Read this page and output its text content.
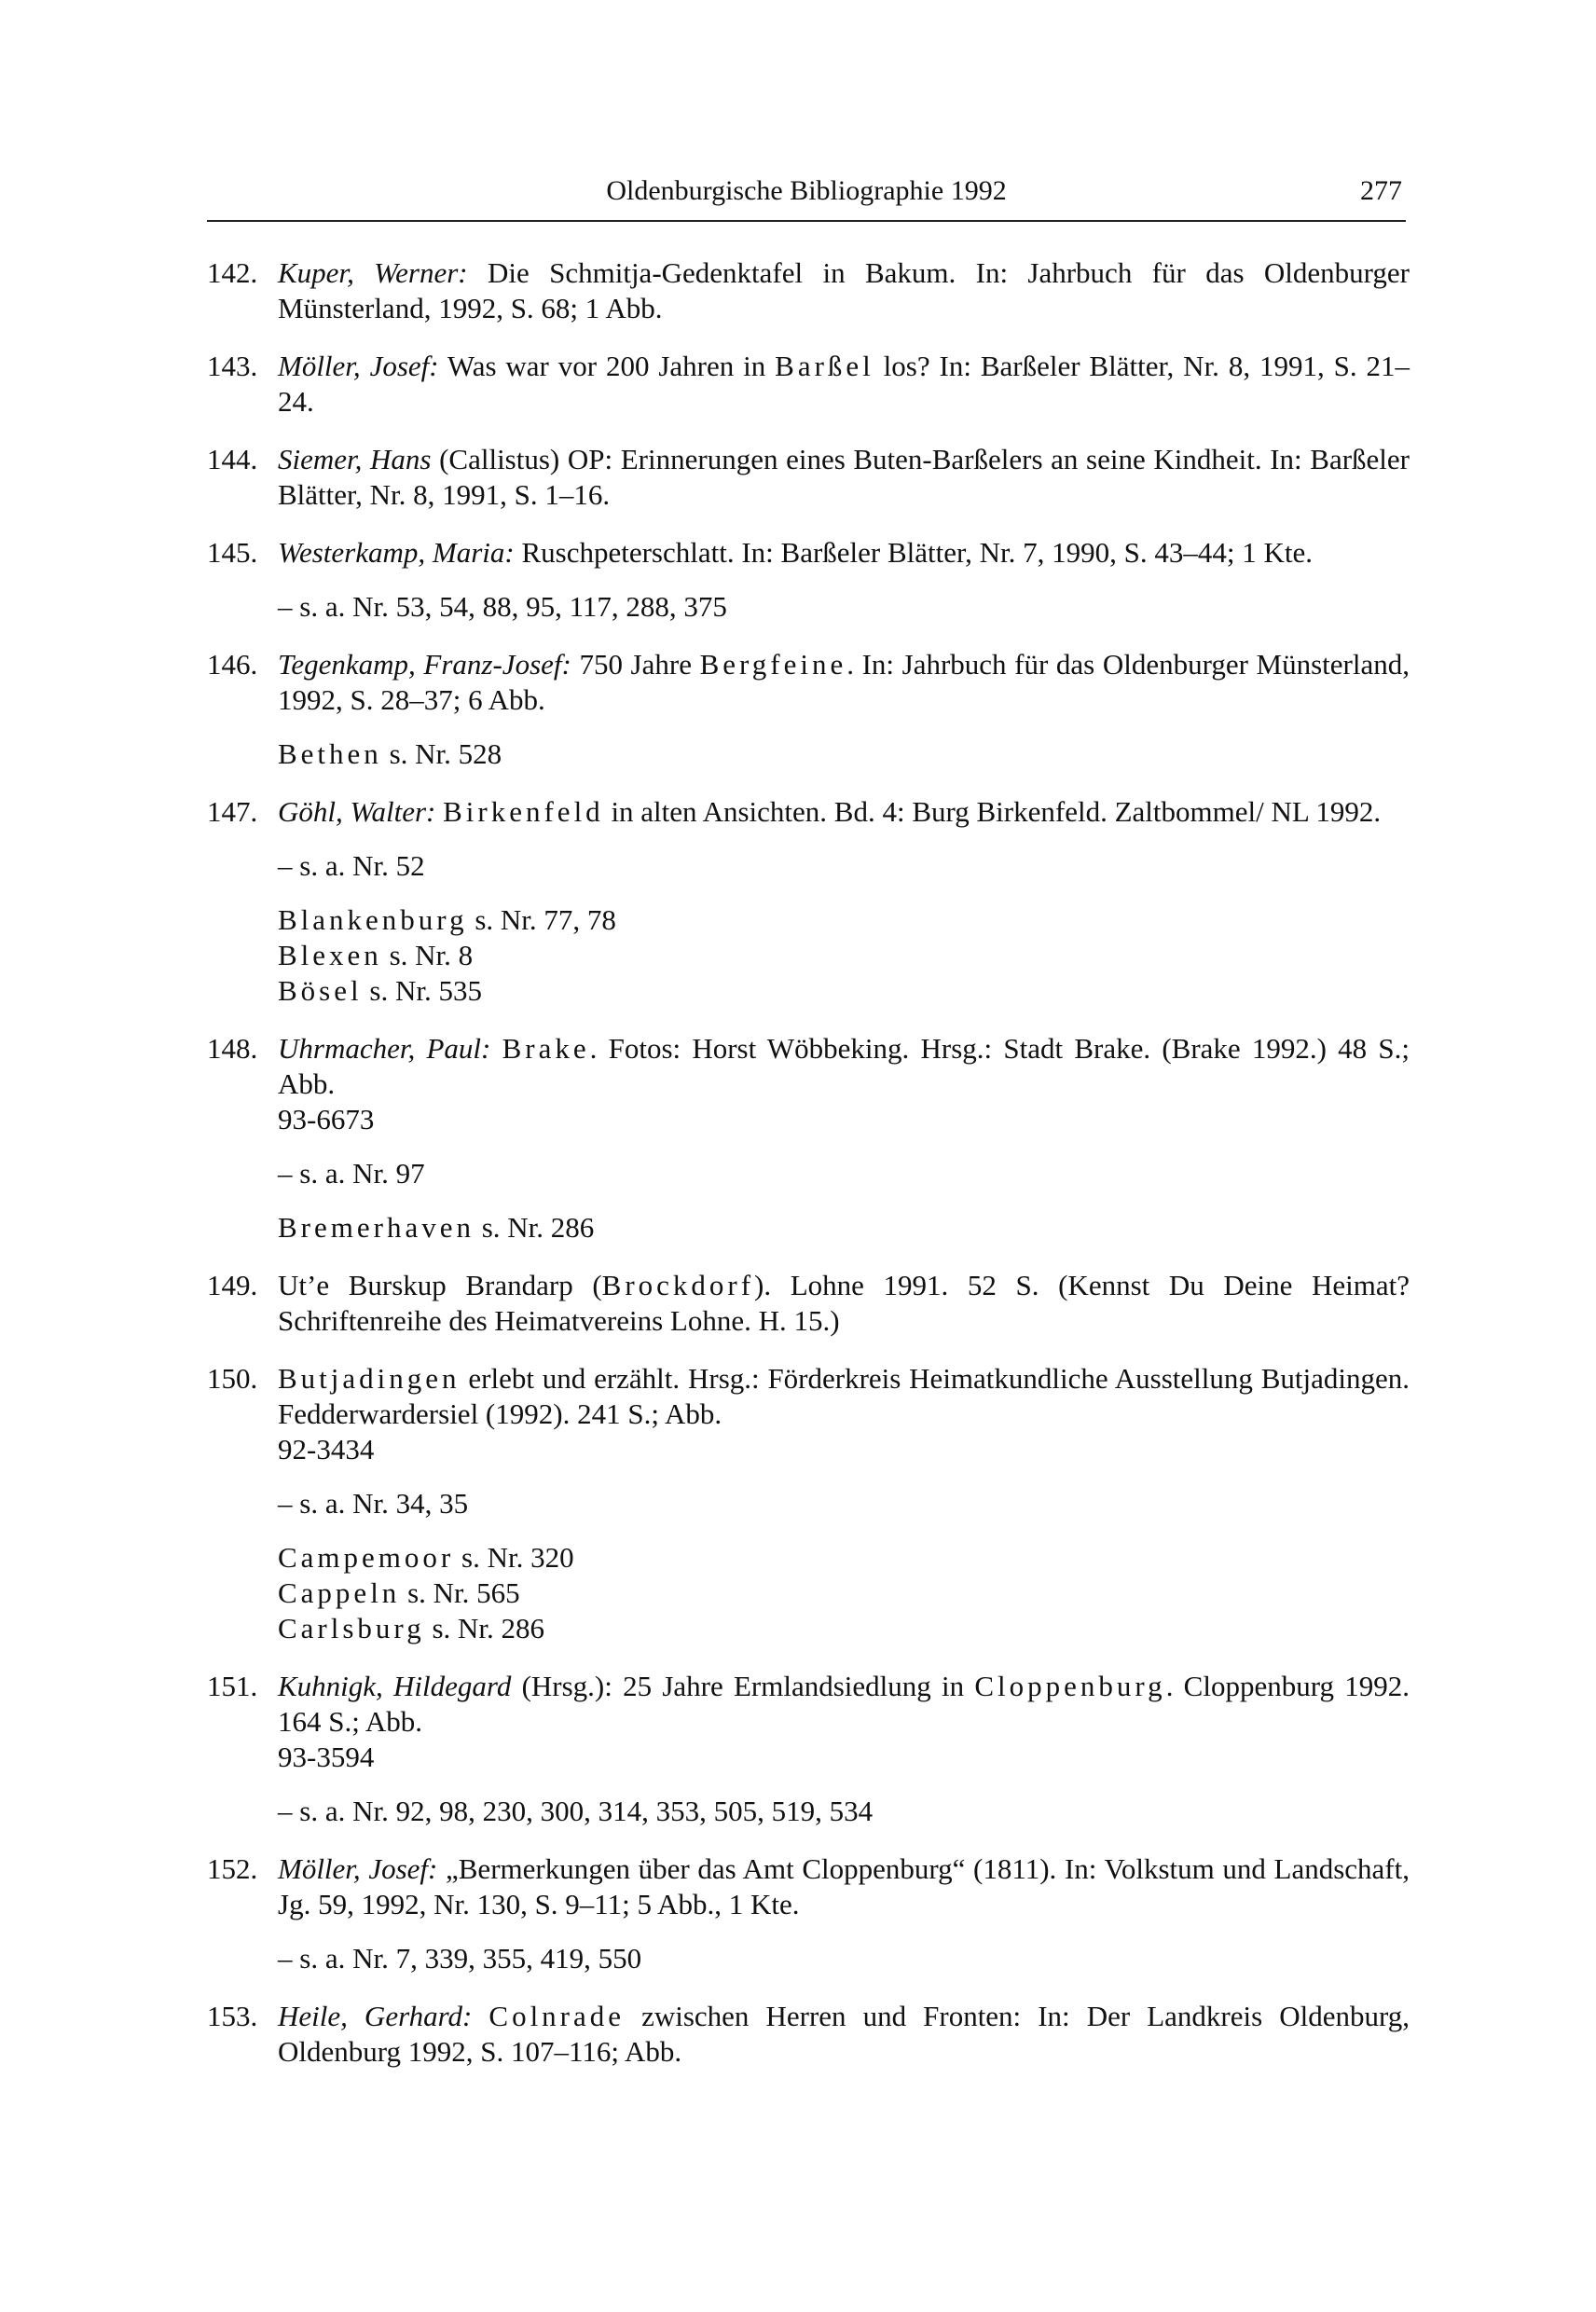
Oldenburgische Bibliographie 1992	277
142. Kuper, Werner: Die Schmitja-Gedenktafel in Bakum. In: Jahrbuch für das Oldenburger Münsterland, 1992, S. 68; 1 Abb.
143. Möller, Josef: Was war vor 200 Jahren in Barßel los? In: Barßeler Blätter, Nr. 8, 1991, S. 21–24.
144. Siemer, Hans (Callistus) OP: Erinnerungen eines Buten-Barßelers an seine Kindheit. In: Barßeler Blätter, Nr. 8, 1991, S. 1–16.
145. Westerkamp, Maria: Ruschpeterschlatt. In: Barßeler Blätter, Nr. 7, 1990, S. 43–44; 1 Kte.
– s. a. Nr. 53, 54, 88, 95, 117, 288, 375
146. Tegenkamp, Franz-Josef: 750 Jahre Bergfeine. In: Jahrbuch für das Oldenburger Münsterland, 1992, S. 28–37; 6 Abb.
Bethen s. Nr. 528
147. Göhl, Walter: Birkenfeld in alten Ansichten. Bd. 4: Burg Birkenfeld. Zaltbommel/ NL 1992.
– s. a. Nr. 52
Blankenburg s. Nr. 77, 78
Blexen s. Nr. 8
Bösel s. Nr. 535
148. Uhrmacher, Paul: Brake. Fotos: Horst Wöbbeking. Hrsg.: Stadt Brake. (Brake 1992.) 48 S.; Abb.
93-6673
– s. a. Nr. 97
Bremerhaven s. Nr. 286
149. Ut’e Burskup Brandarp (Brockdorf). Lohne 1991. 52 S. (Kennst Du Deine Heimat? Schriftenreihe des Heimatvereins Lohne. H. 15.)
150. Butjadingen erlebt und erzählt. Hrsg.: Förderkreis Heimatkundliche Ausstellung Butjadingen. Fedderwardersiel (1992). 241 S.; Abb.
92-3434
– s. a. Nr. 34, 35
Campemoor s. Nr. 320
Cappeln s. Nr. 565
Carlsburg s. Nr. 286
151. Kuhnigk, Hildegard (Hrsg.): 25 Jahre Ermlandsiedlung in Cloppenburg. Cloppenburg 1992. 164 S.; Abb.
93-3594
– s. a. Nr. 92, 98, 230, 300, 314, 353, 505, 519, 534
152. Möller, Josef: „Bermerkungen über das Amt Cloppenburg“ (1811). In: Volkstum und Landschaft, Jg. 59, 1992, Nr. 130, S. 9–11; 5 Abb., 1 Kte.
– s. a. Nr. 7, 339, 355, 419, 550
153. Heile, Gerhard: Colnrade zwischen Herren und Fronten: In: Der Landkreis Oldenburg, Oldenburg 1992, S. 107–116; Abb.
